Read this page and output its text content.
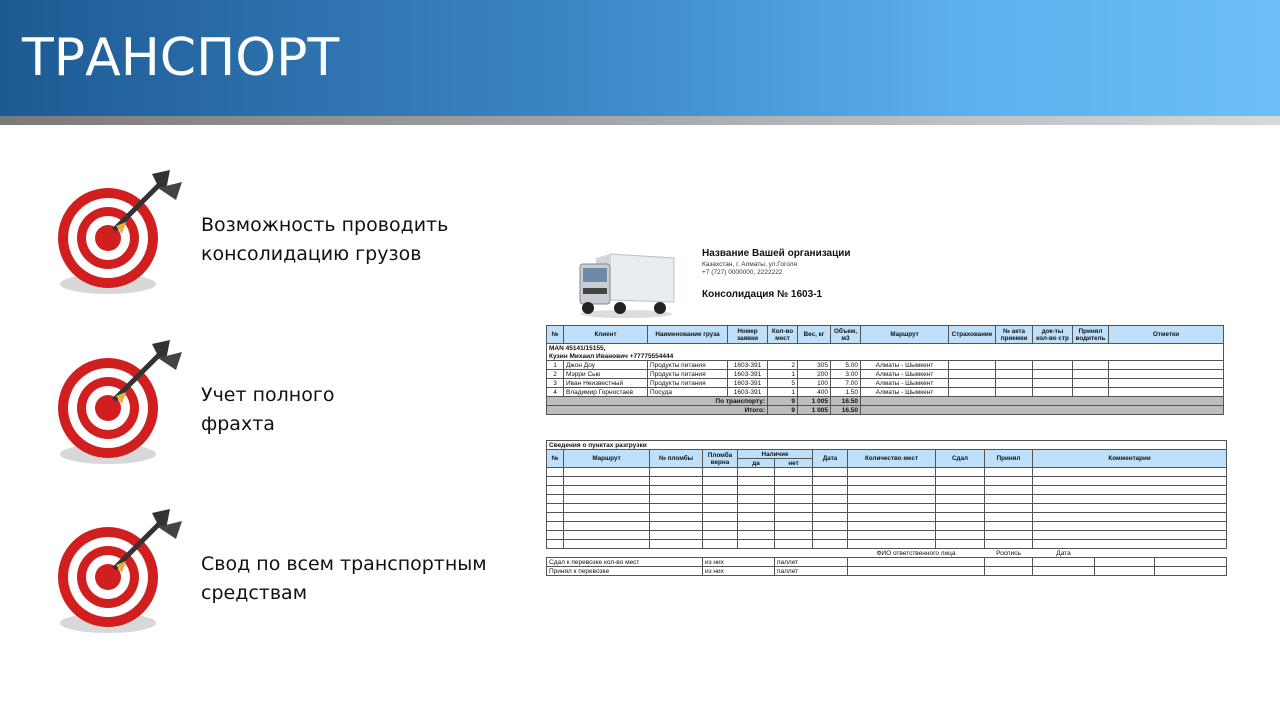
ТРАНСПОРТ
Возможность проводить
консолидацию грузов
Учет полного
фрахта
Свод по всем транспортным
средствам
Название Вашей организации
Казахстан, г. Алматы, ул.Гоголя
+7 (727) 0000000, 2222222
Консолидация № 1603-1
№	Клиент	Наименование груза	Номер заявки	Кол-во мест	Вес, кг	Объем, м3	Маршрут	Страхование	№ акта приемки	док-ты кол-во стр	Принял водитель	Отметки
MAN 45141/15155,												
Кузин Михаил Иванович +77775554444												
1	Джон Доу	Продукты питания	1603-391	2	305	5.00	Алматы - Шымкент					
2	Мэрри Сью	Продукты питания	1603-391	1	200	3.00	Алматы - Шымкент					
3	Иван Неизвестный	Продукты питания	1603-391	5	100	7.00	Алматы - Шымкент					
4	Владимир Горностаев	Посуда	1603-391	1	400	1.50	Алматы - Шымкент					
По транспорту:				9	1 005	16.50						
Итого:				9	1 005	16.50						
Сведения о пунктах разгрузки												
№	Маршрут	№ пломбы	Пломба верна	Наличие		Дата	Количество мест	Сдал	Принял	Комментарии		
				да	нет							

							ФИО ответственного лица		Роспись	Дата		
Сдал к перевозке кол-во мест			из них		паллет							
Принял к перевозке			из них		паллет							
